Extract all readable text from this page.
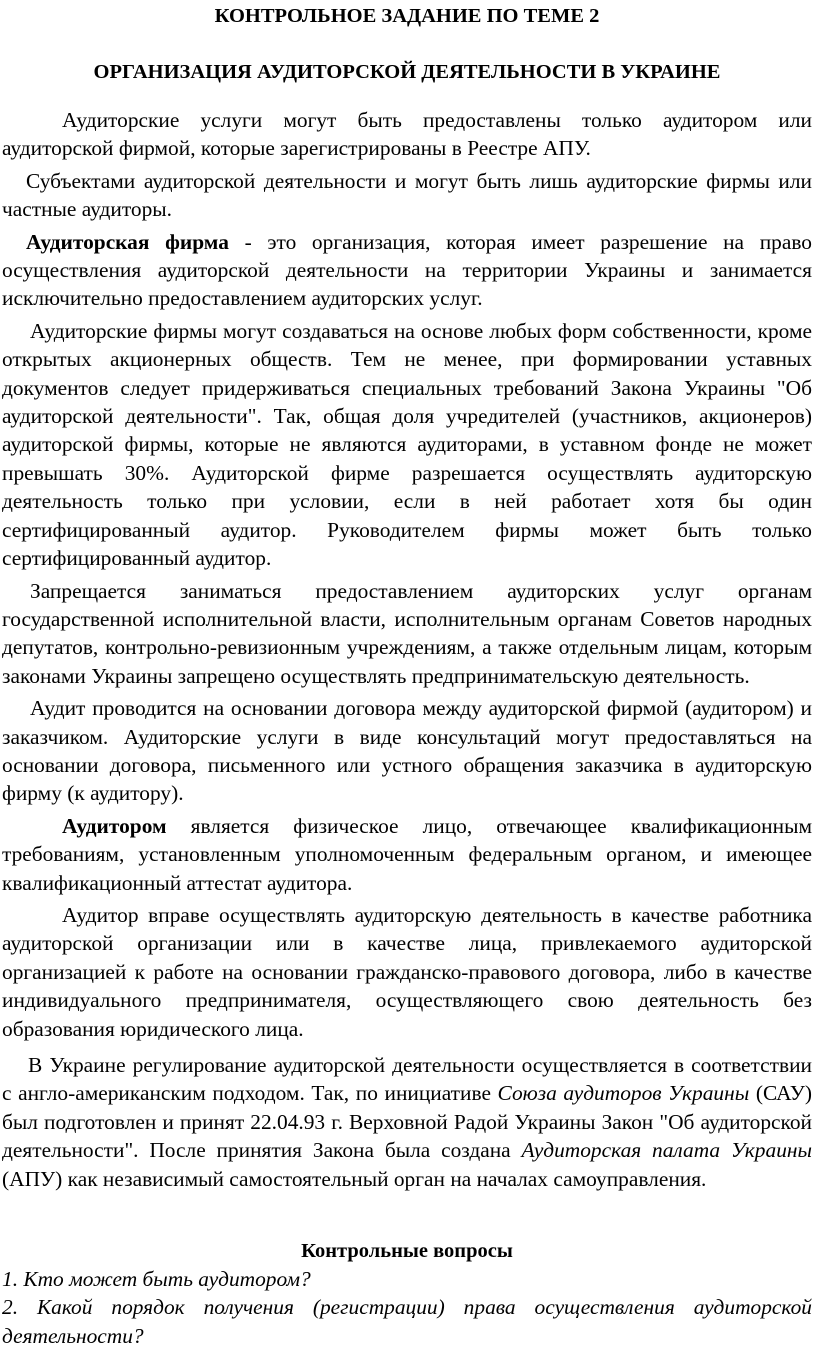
КОНТРОЛЬНОЕ ЗАДАНИЕ ПО ТЕМЕ 2
ОРГАНИЗАЦИЯ АУДИТОРСКОЙ ДЕЯТЕЛЬНОСТИ В УКРАИНЕ

Аудиторские услуги могут быть предоставлены только аудитором или аудиторской фирмой, которые зарегистрированы в Реестре АПУ.

Субъектами аудиторской деятельности и могут быть лишь аудиторские фирмы или частные аудиторы.

Аудиторская фирма - это организация, которая имеет разрешение на право осуществления аудиторской деятельности на территории Украины и занимается исключительно предоставлением аудиторских услуг.

Аудиторские фирмы могут создаваться на основе любых форм собственности, кроме открытых акционерных обществ. Тем не менее, при формировании уставных документов следует придерживаться специальных требований Закона Украины "Об аудиторской деятельности". Так, общая доля учредителей (участников, акционеров) аудиторской фирмы, которые не являются аудиторами, в уставном фонде не может превышать 30%. Аудиторской фирме разрешается осуществлять аудиторскую деятельность только при условии, если в ней работает хотя бы один сертифицированный аудитор. Руководителем фирмы может быть только сертифицированный аудитор.

Запрещается заниматься предоставлением аудиторских услуг органам государственной исполнительной власти, исполнительным органам Советов народных депутатов, контрольно-ревизионным учреждениям, а также отдельным лицам, которым законами Украины запрещено осуществлять предпринимательскую деятельность.

Аудит проводится на основании договора между аудиторской фирмой (аудитором) и заказчиком. Аудиторские услуги в виде консультаций могут предоставляться на основании договора, письменного или устного обращения заказчика в аудиторскую фирму (к аудитору).

Аудитором является физическое лицо, отвечающее квалификационным требованиям, установленным уполномоченным федеральным органом, и имеющее квалификационный аттестат аудитора.

Аудитор вправе осуществлять аудиторскую деятельность в качестве работника аудиторской организации или в качестве лица, привлекаемого аудиторской организацией к работе на основании гражданско-правового договора, либо в качестве индивидуального предпринимателя, осуществляющего свою деятельность без образования юридического лица.

В Украине регулирование аудиторской деятельности осуществляется в соответствии с англо-американским подходом. Так, по инициативе Союза аудиторов Украины (САУ) был подготовлен и принят 22.04.93 г. Верховной Радой Украины Закон "Об аудиторской деятельности". После принятия Закона была создана Аудиторская палата Украины (АПУ) как независимый самостоятельный орган на началах самоуправления.

Контрольные вопросы
1. Кто может быть аудитором?
2. Какой порядок получения (регистрации) права осуществления аудиторской деятельности?
